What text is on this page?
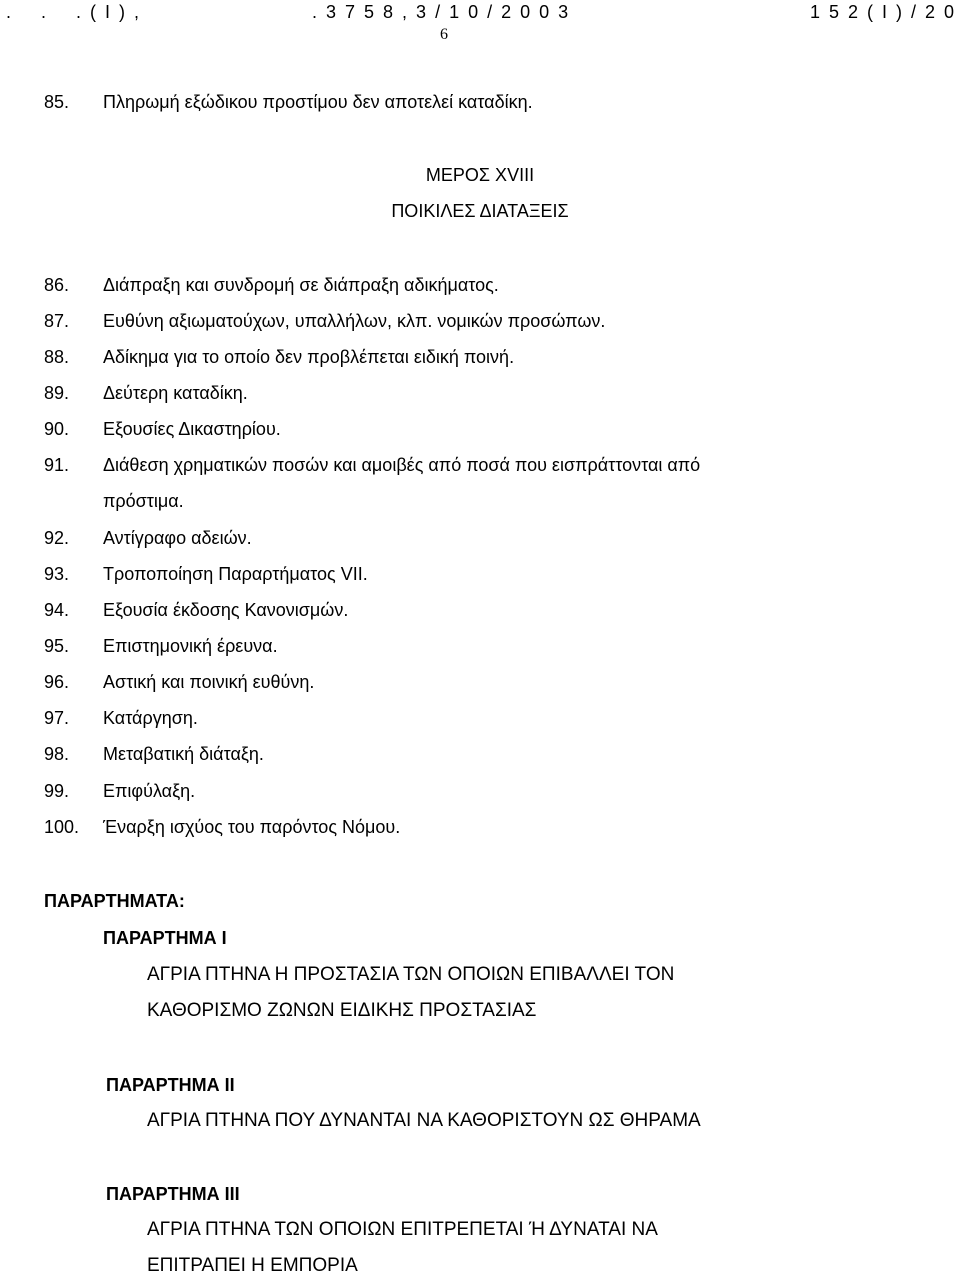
.    .    . ( Ι ) ,	. 3 7 5 8 , 3 / 1 0 / 2 0 0 3	1 5 2 ( Ι ) / 2 0
6
85. Πληρωμή εξώδικου προστίμου δεν αποτελεί καταδίκη.
ΜΕΡΟΣ XVIII
ΠΟΙΚΙΛΕΣ ΔΙΑΤΑΞΕΙΣ
86. Διάπραξη και συνδρομή σε διάπραξη αδικήματος.
87. Ευθύνη αξιωματούχων, υπαλλήλων, κλπ. νομικών προσώπων.
88. Αδίκημα για το οποίο δεν προβλέπεται ειδική ποινή.
89. Δεύτερη καταδίκη.
90. Εξουσίες Δικαστηρίου.
91. Διάθεση χρηματικών ποσών και αμοιβές από ποσά που εισπράττονται από
πρόστιμα.
92. Αντίγραφο αδειών.
93. Τροποποίηση Παραρτήματος VII.
94. Εξουσία έκδοσης Κανονισμών.
95. Επιστημονική έρευνα.
96. Αστική και ποινική ευθύνη.
97. Κατάργηση.
98. Μεταβατική διάταξη.
99. Επιφύλαξη.
100. Έναρξη ισχύος του παρόντος Νόμου.
ΠΑΡΑΡΤΗΜΑΤΑ:
ΠΑΡΑΡΤΗΜΑ Ι
ΑΓΡΙΑ ΠΤΗΝΑ Η ΠΡΟΣΤΑΣΙΑ ΤΩΝ ΟΠΟΙΩΝ ΕΠΙΒΑΛΛΕΙ ΤΟΝ
ΚΑΘΟΡΙΣΜΟ ΖΩΝΩΝ ΕΙΔΙΚΗΣ ΠΡΟΣΤΑΣΙΑΣ
ΠΑΡΑΡΤΗΜΑ ΙΙ
ΑΓΡΙΑ ΠΤΗΝΑ ΠΟΥ ΔΥΝΑΝΤΑΙ ΝΑ ΚΑΘΟΡΙΣΤΟΥΝ ΩΣ ΘΗΡΑΜΑ
ΠΑΡΑΡΤΗΜΑ ΙΙΙ
ΑΓΡΙΑ ΠΤΗΝΑ ΤΩΝ ΟΠΟΙΩΝ ΕΠΙΤΡΕΠΕΤΑΙ Ή ΔΥΝΑΤΑΙ ΝΑ
ΕΠΙΤΡΑΠΕΙ Η ΕΜΠΟΡΙΑ
